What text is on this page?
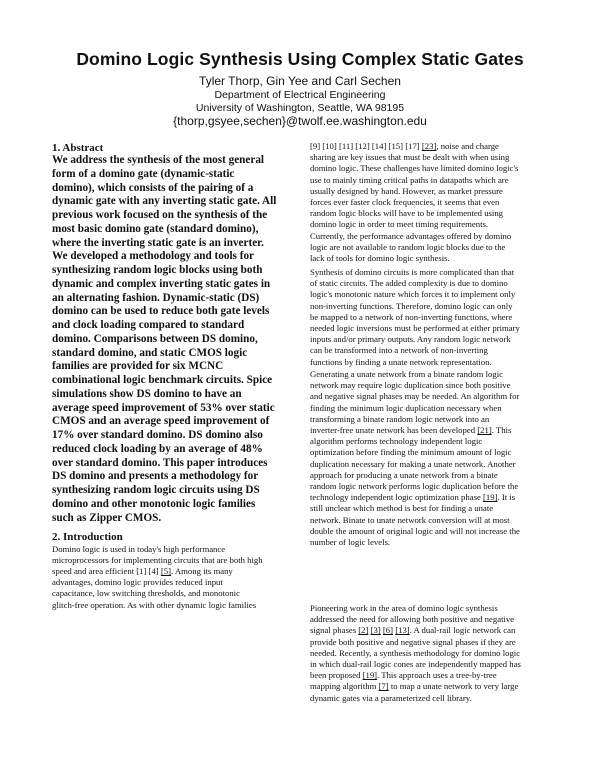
Domino Logic Synthesis Using Complex Static Gates
Tyler Thorp, Gin Yee and Carl Sechen
Department of Electrical Engineering
University of Washington, Seattle, WA 98195
{thorp,gsyee,sechen}@twolf.ee.washington.edu
1. Abstract
We address the synthesis of the most general
form of a domino gate (dynamic-static
domino), which consists of the pairing of a
dynamic gate with any inverting static gate. All
previous work focused on the synthesis of the
most basic domino gate (standard domino),
where the inverting static gate is an inverter.
We developed a methodology and tools for
synthesizing random logic blocks using both
dynamic and complex inverting static gates in
an alternating fashion. Dynamic-static (DS)
domino can be used to reduce both gate levels
and clock loading compared to standard
domino. Comparisons between DS domino,
standard domino, and static CMOS logic
families are provided for six MCNC
combinational logic benchmark circuits. Spice
simulations show DS domino to have an
average speed improvement of 53% over static
CMOS and an average speed improvement of
17% over standard domino. DS domino also
reduced clock loading by an average of 48%
over standard domino. This paper introduces
DS domino and presents a methodology for
synthesizing random logic circuits using DS
domino and other monotonic logic families
such as Zipper CMOS.
2. Introduction
Domino logic is used in today's high performance
microprocessors for implementing circuits that are both high
speed and area efficient [1] [4] [5]. Among its many
advantages, domino logic provides reduced input
capacitance, low switching thresholds, and monotonic
glitch-free operation. As with other dynamic logic families
[9] [10] [11] [12] [14] [15] [17] [23], noise and charge
sharing are key issues that must be dealt with when using
domino logic. These challenges have limited domino logic's
use to mainly timing critical paths in datapaths which are
usually designed by hand. However, as market pressure
forces ever faster clock frequencies, it seems that even
random logic blocks will have to be implemented using
domino logic in order to meet timing requirements.
Currently, the performance advantages offered by domino
logic are not available to random logic blocks due to the
lack of tools for domino logic synthesis.
Synthesis of domino circuits is more complicated than that
of static circuits. The added complexity is due to domino
logic's monotonic nature which forces it to implement only
non-inverting functions. Therefore, domino logic can only
be mapped to a network of non-inverting functions, where
needed logic inversions must be performed at either primary
inputs and/or primary outputs. Any random logic network
can be transformed into a network of non-inverting
functions by finding a unate network representation.
Generating a unate network from a binate random logic
network may require logic duplication since both positive
and negative signal phases may be needed. An algorithm for
finding the minimum logic duplication necessary when
transforming a binate random logic network into an
inverter-free unate network has been developed [21]. This
algorithm performs technology independent logic
optimization before finding the minimum amount of logic
duplication necessary for making a unate network. Another
approach for producing a unate network from a binate
random logic network performs logic duplication before the
technology independent logic optimization phase [19]. It is
still unclear which method is best for finding a unate
network. Binate to unate network conversion will at most
double the amount of original logic and will not increase the
number of logic levels.
Pioneering work in the area of domino logic synthesis
addressed the need for allowing both positive and negative
signal phases [2] [3] [6] [13]. A dual-rail logic network can
provide both positive and negative signal phases if they are
needed. Recently, a synthesis methodology for domino logic
in which dual-rail logic cones are independently mapped has
been proposed [19]. This approach uses a tree-by-tree
mapping algorithm [7] to map a unate network to very large
dynamic gates via a parameterized cell library.
